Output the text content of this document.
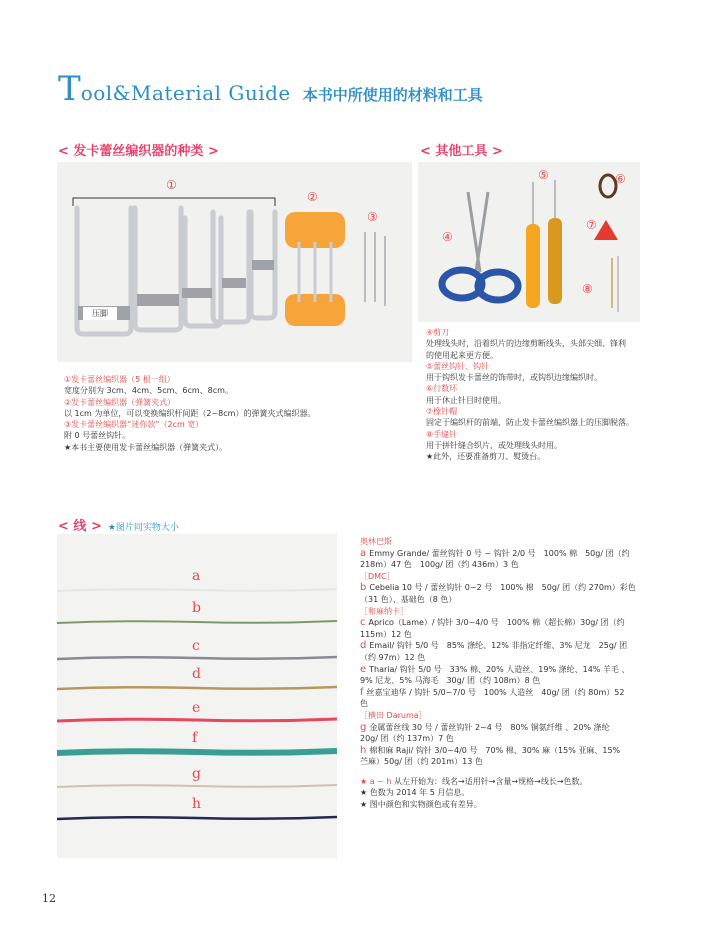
T ool&Material Guide 本书中所使用的材料和工具
< 发卡蕾丝编织器的种类 >
压脚
①
②
③

①发卡蕾丝编织器（5 根一组）

宽度分别为 3cm、4cm、5cm、6cm、8cm。

②发卡蕾丝编织器（弹簧夹式）

以 1cm 为单位，可以变换编织杆间距（2~8cm）的弹簧夹式编织器。

③发卡蕾丝编织器“迷你款”（2cm 宽）

附 0 号蕾丝钩针。

★本书主要使用发卡蕾丝编织器（弹簧夹式）。

< 其他工具 >
④
⑤	⑥
⑦
⑧

④剪刀

处理线头时，沿着织片的边缘剪断线头，头部尖细、锋利

的使用起来更方便。

⑤蕾丝钩针、钩针

用于钩织发卡蕾丝的饰带时，或钩织边缘编织时。

⑥行数环

用于休止针目时使用。

⑦橡针帽

固定于编织杆的前端，防止发卡蕾丝编织器上的压脚脱落。

⑧手缝针

用于拼针缝合织片，或处理线头时用。

★此外，还要准备剪刀、熨烫台。

< 线 > ★图片同实物大小
a
b
c
d
e
f
g
h

奥林巴斯

a Emmy Grande/ 蕾丝钩针 0 号 ~ 钩针 2/0 号　100% 棉　50g/ 团（约

218m）47 色　100g/ 团（约 436m）3 色

［DMC］

b Cebelia 10 号 / 蕾丝钩针 0~2 号　100% 棉　50g/ 团（约 270m）彩色

（31 色）、基础色（8 色）

［和麻纳卡］

c Aprico（Lame）/ 钩针 3/0~4/0 号　100% 棉（超长棉）30g/ 团（约

115m）12 色

d Email/ 钩针 5/0 号　85% 涤纶、12% 非指定纤维、3% 尼龙　25g/ 团

（约 97m）12 色

e Tharia/ 钩针 5/0 号　33% 棉、20% 人造丝、19% 涤纶、14% 羊毛 、

9% 尼龙、5% 马海毛　30g/ 团（约 108m）8 色

f 丝嘉宝迪华 / 钩针 5/0~7/0 号　100% 人造丝　40g/ 团（约 80m）52

色

［横田 Daruma］

g 金属蕾丝线 30 号 / 蕾丝钩针 2~4 号　80% 铜氨纤维 、20% 涤纶

20g/ 团（约 137m）7 色

h 棉和麻 Raji/ 钩针 3/0~4/0 号　70% 棉、30% 麻（15% 亚麻、15%

苎麻）50g/ 团（约 201m）13 色

★ a ~ h 从左开始为：线名→适用针→含量→规格→线长→色数。

★ 色数为 2014 年 5 月信息。

★ 图中颜色和实物颜色或有差异。

12
